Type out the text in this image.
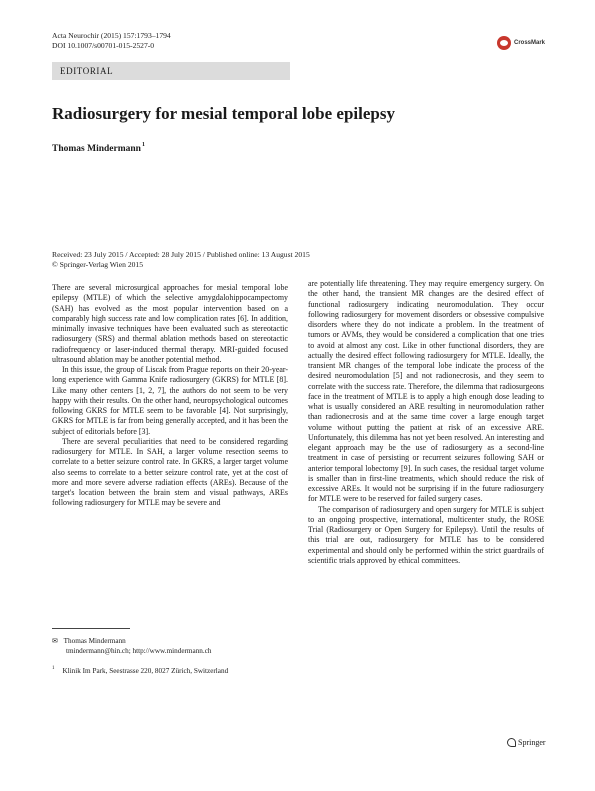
Acta Neurochir (2015) 157:1793–1794
DOI 10.1007/s00701-015-2527-0	CrossMark
EDITORIAL
Radiosurgery for mesial temporal lobe epilepsy
Thomas Mindermann$^1$
Received: 23 July 2015 / Accepted: 28 July 2015 / Published online: 13 August 2015
© Springer-Verlag Wien 2015

There are several microsurgical approaches for mesial temporal lobe epilepsy (MTLE) of which the selective amygdalohippocampectomy (SAH) has evolved as the most popular intervention based on a comparably high success rate and low complication rates [6]. In addition, minimally invasive techniques have been evaluated such as stereotactic radiosurgery (SRS) and thermal ablation methods based on stereotactic radiofrequency or laser-induced thermal therapy. MRI-guided focused ultrasound ablation may be another potential method.

In this issue, the group of Liscak from Prague reports on their 20-year-long experience with Gamma Knife radiosurgery (GKRS) for MTLE [8]. Like many other centers [1, 2, 7], the authors do not seem to be very happy with their results. On the other hand, neuropsychological outcomes following GKRS for MTLE seem to be favorable [4]. Not surprisingly, GKRS for MTLE is far from being generally accepted, and it has been the subject of editorials before [3].

There are several peculiarities that need to be considered regarding radiosurgery for MTLE. In SAH, a larger volume resection seems to correlate to a better seizure control rate. In GKRS, a larger target volume also seems to correlate to a better seizure control rate, yet at the cost of more and more severe adverse radiation effects (AREs). Because of the target's location between the brain stem and visual pathways, AREs following radiosurgery for MTLE may be severe and

are potentially life threatening. They may require emergency surgery. On the other hand, the transient MR changes are the desired effect of functional radiosurgery indicating neuromodulation. They occur following radiosurgery for movement disorders or obsessive compulsive disorders where they do not indicate a problem. In the treatment of tumors or AVMs, they would be considered a complication that one tries to avoid at almost any cost. Like in other functional disorders, they are actually the desired effect following radiosurgery for MTLE. Ideally, the transient MR changes of the temporal lobe indicate the process of the desired neuromodulation [5] and not radionecrosis, and they seem to correlate with the success rate. Therefore, the dilemma that radiosurgeons face in the treatment of MTLE is to apply a high enough dose leading to what is usually considered an ARE resulting in neuromodulation rather than radionecrosis and at the same time cover a large enough target volume without putting the patient at risk of an excessive ARE. Unfortunately, this dilemma has not yet been resolved. An interesting and elegant approach may be the use of radiosurgery as a second-line treatment in case of persisting or recurrent seizures following SAH or anterior temporal lobectomy [9]. In such cases, the residual target volume is smaller than in first-line treatments, which should reduce the risk of excessive AREs. It would not be surprising if in the future radiosurgery for MTLE were to be reserved for failed surgery cases.

The comparison of radiosurgery and open surgery for MTLE is subject to an ongoing prospective, international, multicenter study, the ROSE Trial (Radiosurgery or Open Surgery for Epilepsy). Until the results of this trial are out, radiosurgery for MTLE has to be considered experimental and should only be performed within the strict guardrails of scientific trials approved by ethical committees.

✉ Thomas Mindermann
tmindermann@hin.ch; http://www.mindermann.ch
$^1$ Klinik Im Park, Seestrasse 220, 8027 Zürich, Switzerland
Springer
